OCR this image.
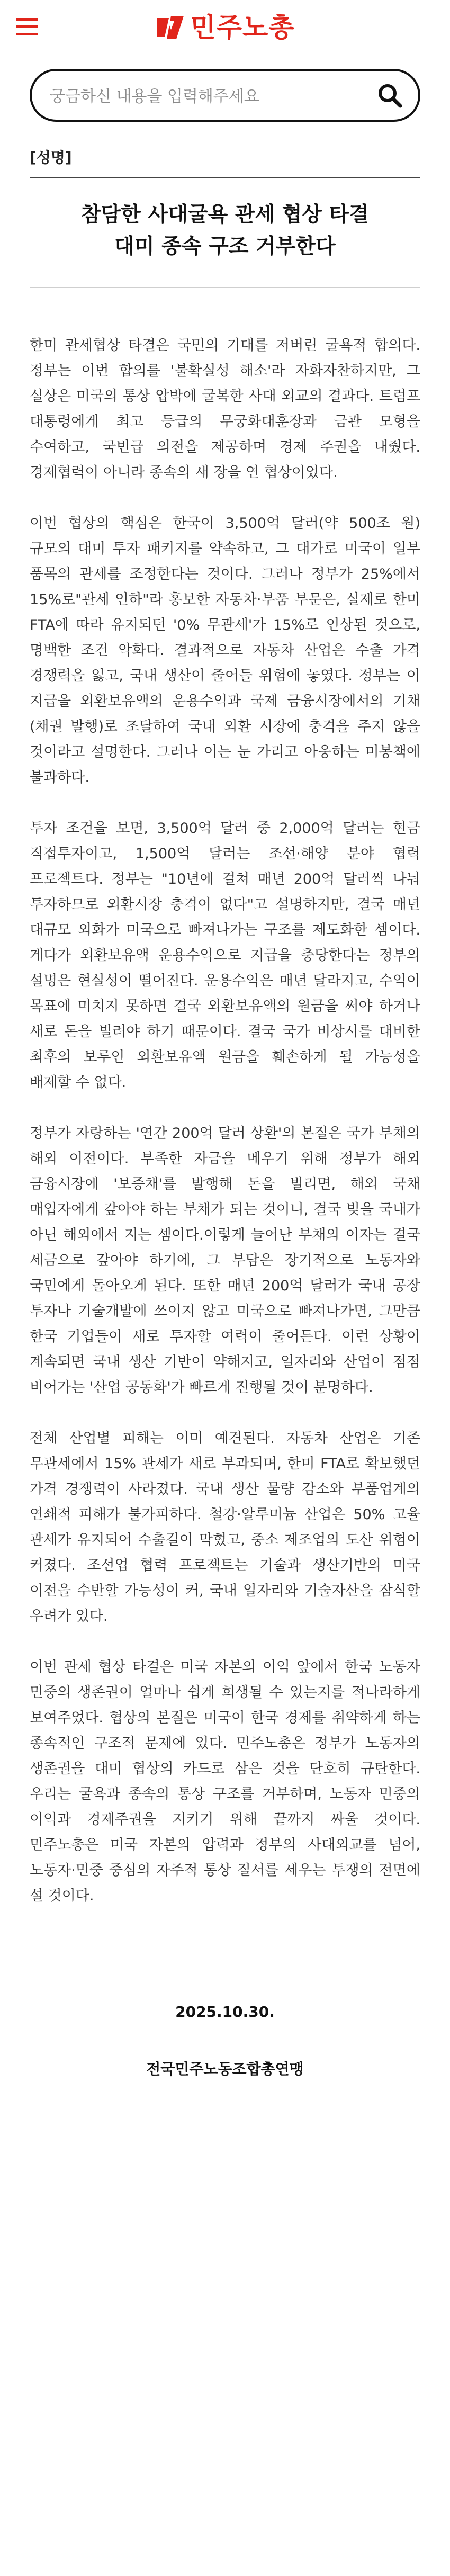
민주노총
궁금하신 내용을 입력해주세요
[성명]
참담한 사대굴욕 관세 협상 타결
대미 종속 구조 거부한다

한미 관세협상 타결은 국민의 기대를 저버린 굴욕적 합의다. 정부는 이번 합의를 '불확실성 해소'라 자화자찬하지만, 그 실상은 미국의 통상 압박에 굴복한 사대 외교의 결과다. 트럼프 대통령에게 최고 등급의 무궁화대훈장과 금관 모형을 수여하고, 국빈급 의전을 제공하며 경제 주권을 내줬다. 경제협력이 아니라 종속의 새 장을 연 협상이었다.

이번 협상의 핵심은 한국이 3,500억 달러(약 500조 원) 규모의 대미 투자 패키지를 약속하고, 그 대가로 미국이 일부 품목의 관세를 조정한다는 것이다. 그러나 정부가 25%에서 15%로"관세 인하"라 홍보한 자동차·부품 부문은, 실제로 한미 FTA에 따라 유지되던 '0% 무관세'가 15%로 인상된 것으로, 명백한 조건 악화다. 결과적으로 자동차 산업은 수출 가격 경쟁력을 잃고, 국내 생산이 줄어들 위험에 놓였다. 정부는 이 지급을 외환보유액의 운용수익과 국제 금융시장에서의 기채(채권 발행)로 조달하여 국내 외환 시장에 충격을 주지 않을 것이라고 설명한다. 그러나 이는 눈 가리고 아웅하는 미봉책에 불과하다.

투자 조건을 보면, 3,500억 달러 중 2,000억 달러는 현금 직접투자이고, 1,500억 달러는 조선·해양 분야 협력 프로젝트다. 정부는 "10년에 걸쳐 매년 200억 달러씩 나눠 투자하므로 외환시장 충격이 없다"고 설명하지만, 결국 매년 대규모 외화가 미국으로 빠져나가는 구조를 제도화한 셈이다. 게다가 외환보유액 운용수익으로 지급을 충당한다는 정부의 설명은 현실성이 떨어진다. 운용수익은 매년 달라지고, 수익이 목표에 미치지 못하면 결국 외환보유액의 원금을 써야 하거나 새로 돈을 빌려야 하기 때문이다. 결국 국가 비상시를 대비한 최후의 보루인 외환보유액 원금을 훼손하게 될 가능성을 배제할 수 없다.

정부가 자랑하는 '연간 200억 달러 상환'의 본질은 국가 부채의 해외 이전이다. 부족한 자금을 메우기 위해 정부가 해외 금융시장에 '보증채'를 발행해 돈을 빌리면, 해외 국채 매입자에게 갚아야 하는 부채가 되는 것이니, 결국 빚을 국내가 아닌 해외에서 지는 셈이다.이렇게 늘어난 부채의 이자는 결국 세금으로 갚아야 하기에, 그 부담은 장기적으로 노동자와 국민에게 돌아오게 된다. 또한 매년 200억 달러가 국내 공장 투자나 기술개발에 쓰이지 않고 미국으로 빠져나가면, 그만큼 한국 기업들이 새로 투자할 여력이 줄어든다. 이런 상황이 계속되면 국내 생산 기반이 약해지고, 일자리와 산업이 점점 비어가는 '산업 공동화'가 빠르게 진행될 것이 분명하다.

전체 산업별 피해는 이미 예견된다. 자동차 산업은 기존 무관세에서 15% 관세가 새로 부과되며, 한미 FTA로 확보했던 가격 경쟁력이 사라졌다. 국내 생산 물량 감소와 부품업계의 연쇄적 피해가 불가피하다. 철강·알루미늄 산업은 50% 고율 관세가 유지되어 수출길이 막혔고, 중소 제조업의 도산 위험이 커졌다. 조선업 협력 프로젝트는 기술과 생산기반의 미국 이전을 수반할 가능성이 커, 국내 일자리와 기술자산을 잠식할 우려가 있다.

이번 관세 협상 타결은 미국 자본의 이익 앞에서 한국 노동자 민중의 생존권이 얼마나 쉽게 희생될 수 있는지를 적나라하게 보여주었다. 협상의 본질은 미국이 한국 경제를 취약하게 하는 종속적인 구조적 문제에 있다. 민주노총은 정부가 노동자의 생존권을 대미 협상의 카드로 삼은 것을 단호히 규탄한다. 우리는 굴욕과 종속의 통상 구조를 거부하며, 노동자 민중의 이익과 경제주권을 지키기 위해 끝까지 싸울 것이다. 민주노총은 미국 자본의 압력과 정부의 사대외교를 넘어, 노동자·민중 중심의 자주적 통상 질서를 세우는 투쟁의 전면에 설 것이다.

2025.10.30.
전국민주노동조합총연맹
